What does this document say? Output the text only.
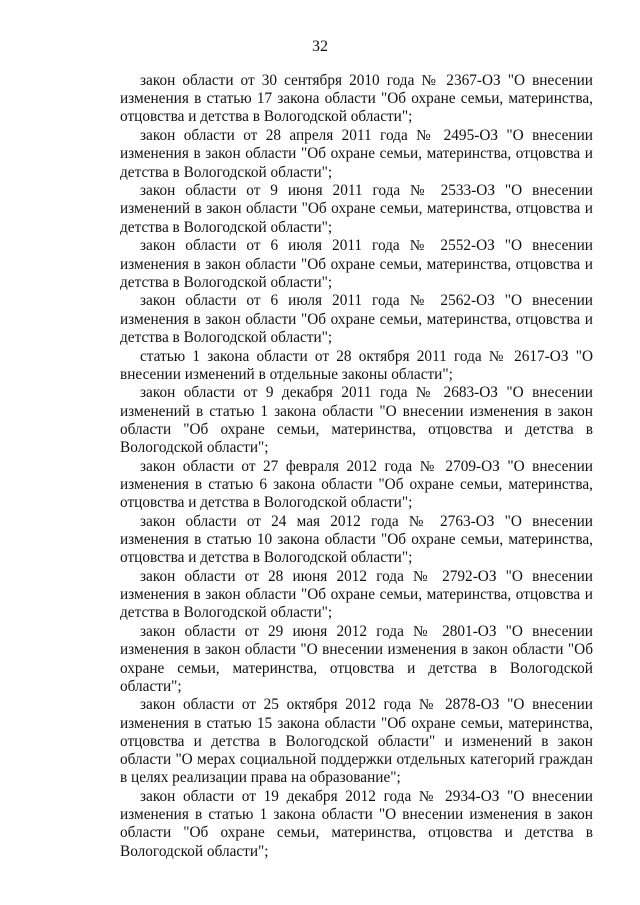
32

закон области от 30 сентября 2010 года № 2367-ОЗ "О внесении изменения в статью 17 закона области "Об охране семьи, материнства, отцовства и детства в Вологодской области";

закон области от 28 апреля 2011 года № 2495-ОЗ "О внесении изменения в закон области "Об охране семьи, материнства, отцовства и детства в Вологодской области";

закон области от 9 июня 2011 года № 2533-ОЗ "О внесении изменений в закон области "Об охране семьи, материнства, отцовства и детства в Вологодской области";

закон области от 6 июля 2011 года № 2552-ОЗ "О внесении изменения в закон области "Об охране семьи, материнства, отцовства и детства в Вологодской области";

закон области от 6 июля 2011 года № 2562-ОЗ "О внесении изменения в закон области "Об охране семьи, материнства, отцовства и детства в Вологодской области";

статью 1 закона области от 28 октября 2011 года № 2617-ОЗ "О внесении изменений в отдельные законы области";

закон области от 9 декабря 2011 года № 2683-ОЗ "О внесении изменений в статью 1 закона области "О внесении изменения в закон области "Об охране семьи, материнства, отцовства и детства в Вологодской области";

закон области от 27 февраля 2012 года № 2709-ОЗ "О внесении изменения в статью 6 закона области "Об охране семьи, материнства, отцовства и детства в Вологодской области";

закон области от 24 мая 2012 года № 2763-ОЗ "О внесении изменения в статью 10 закона области "Об охране семьи, материнства, отцовства и детства в Вологодской области";

закон области от 28 июня 2012 года № 2792-ОЗ "О внесении изменения в закон области "Об охране семьи, материнства, отцовства и детства в Вологодской области";

закон области от 29 июня 2012 года № 2801-ОЗ "О внесении изменения в закон области "О внесении изменения в закон области "Об охране семьи, материнства, отцовства и детства в Вологодской области";

закон области от 25 октября 2012 года № 2878-ОЗ "О внесении изменения в статью 15 закона области "Об охране семьи, материнства, отцовства и детства в Вологодской области" и изменений в закон области "О мерах социальной поддержки отдельных категорий граждан в целях реализации права на образование";

закон области от 19 декабря 2012 года № 2934-ОЗ "О внесении изменения в статью 1 закона области "О внесении изменения в закон области "Об охране семьи, материнства, отцовства и детства в Вологодской области";
